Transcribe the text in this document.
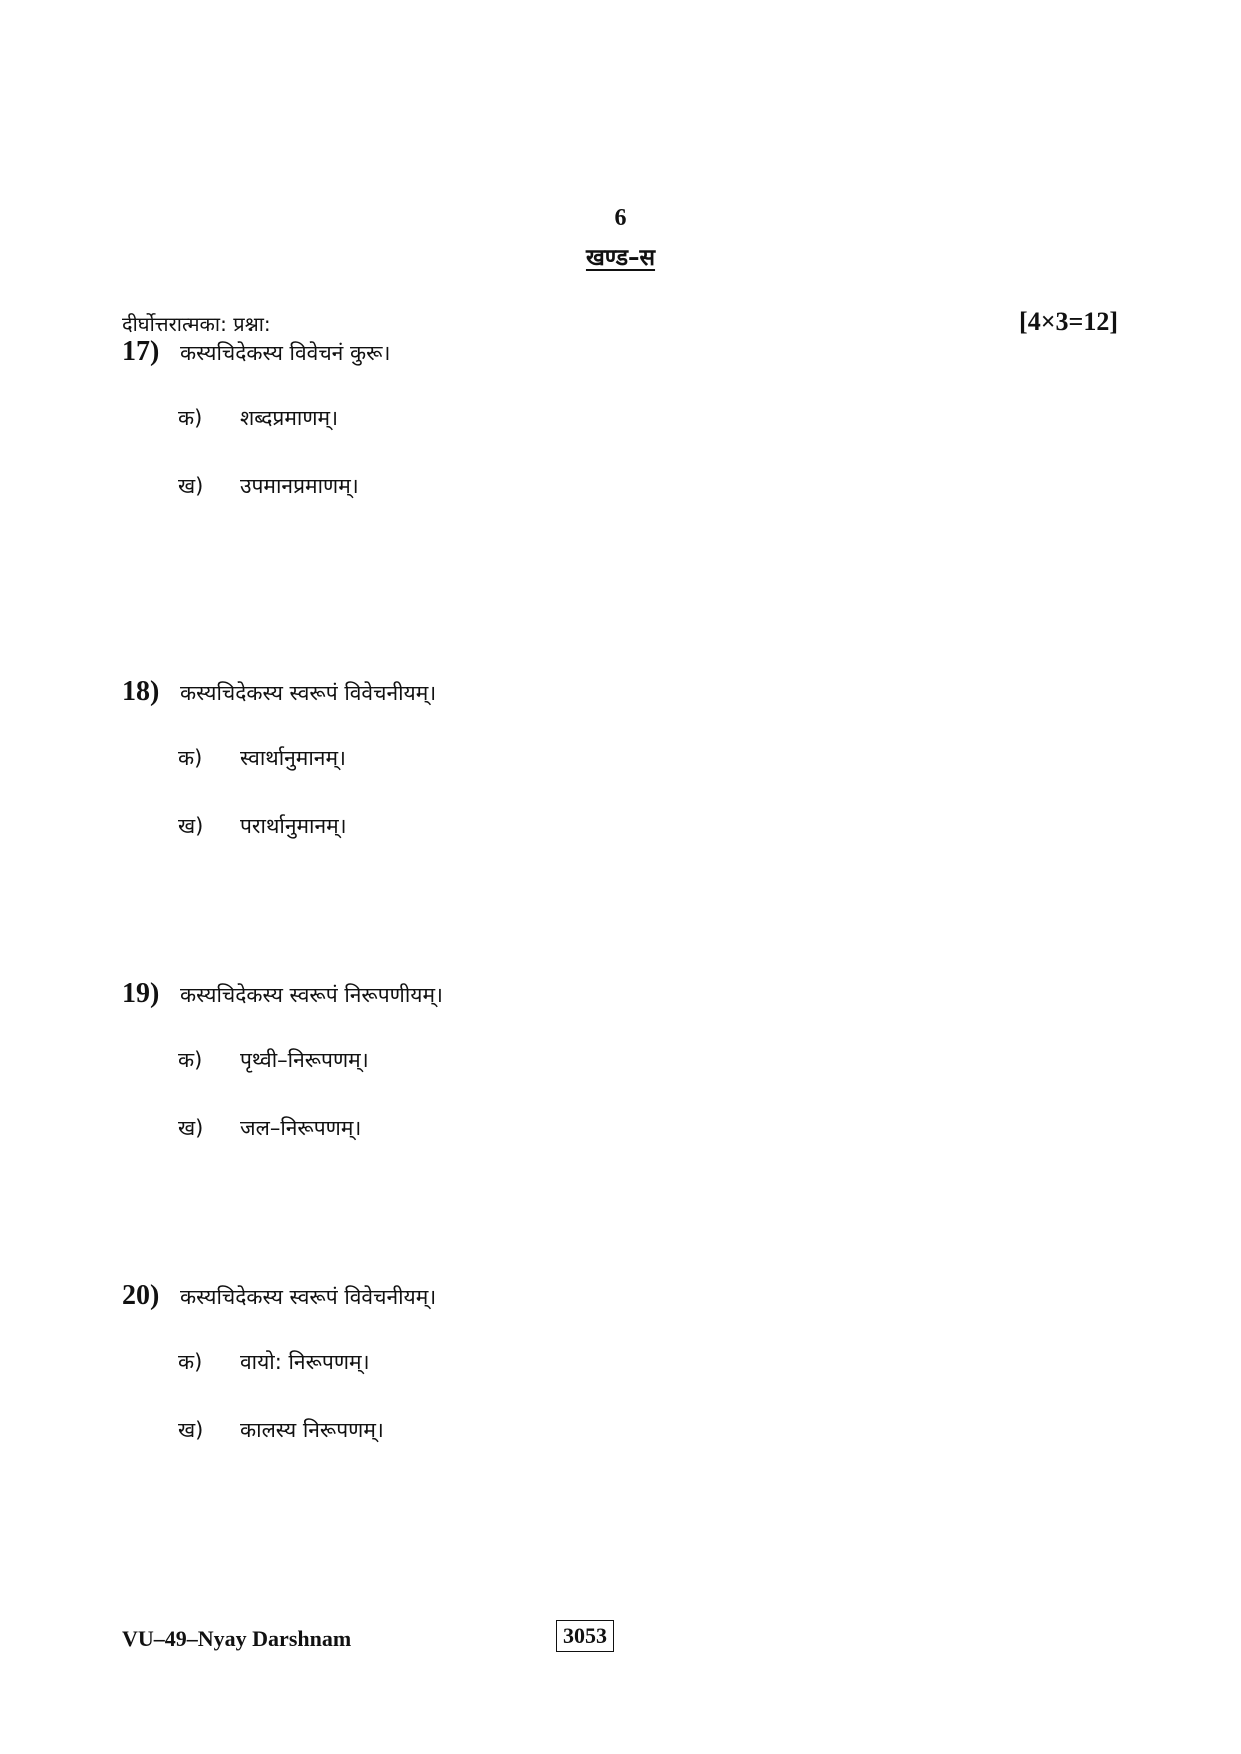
6
खण्ड–स
दीर्घोत्तरात्मका: प्रश्ना:	[4×3=12]
17) कस्यचिदेकस्य विवेचनं कुरू।
क)	शब्दप्रमाणम्।
ख)	उपमानप्रमाणम्।
18) कस्यचिदेकस्य स्वरूपं विवेचनीयम्।
क)	स्वार्थानुमानम्।
ख)	परार्थानुमानम्।
19) कस्यचिदेकस्य स्वरूपं निरूपणीयम्।
क)	पृथ्वी–निरूपणम्।
ख)	जल–निरूपणम्।
20) कस्यचिदेकस्य स्वरूपं विवेचनीयम्।
क)	वायो: निरूपणम्।
ख)	कालस्य निरूपणम्।
VU–49–Nyay Darshnam	3053
